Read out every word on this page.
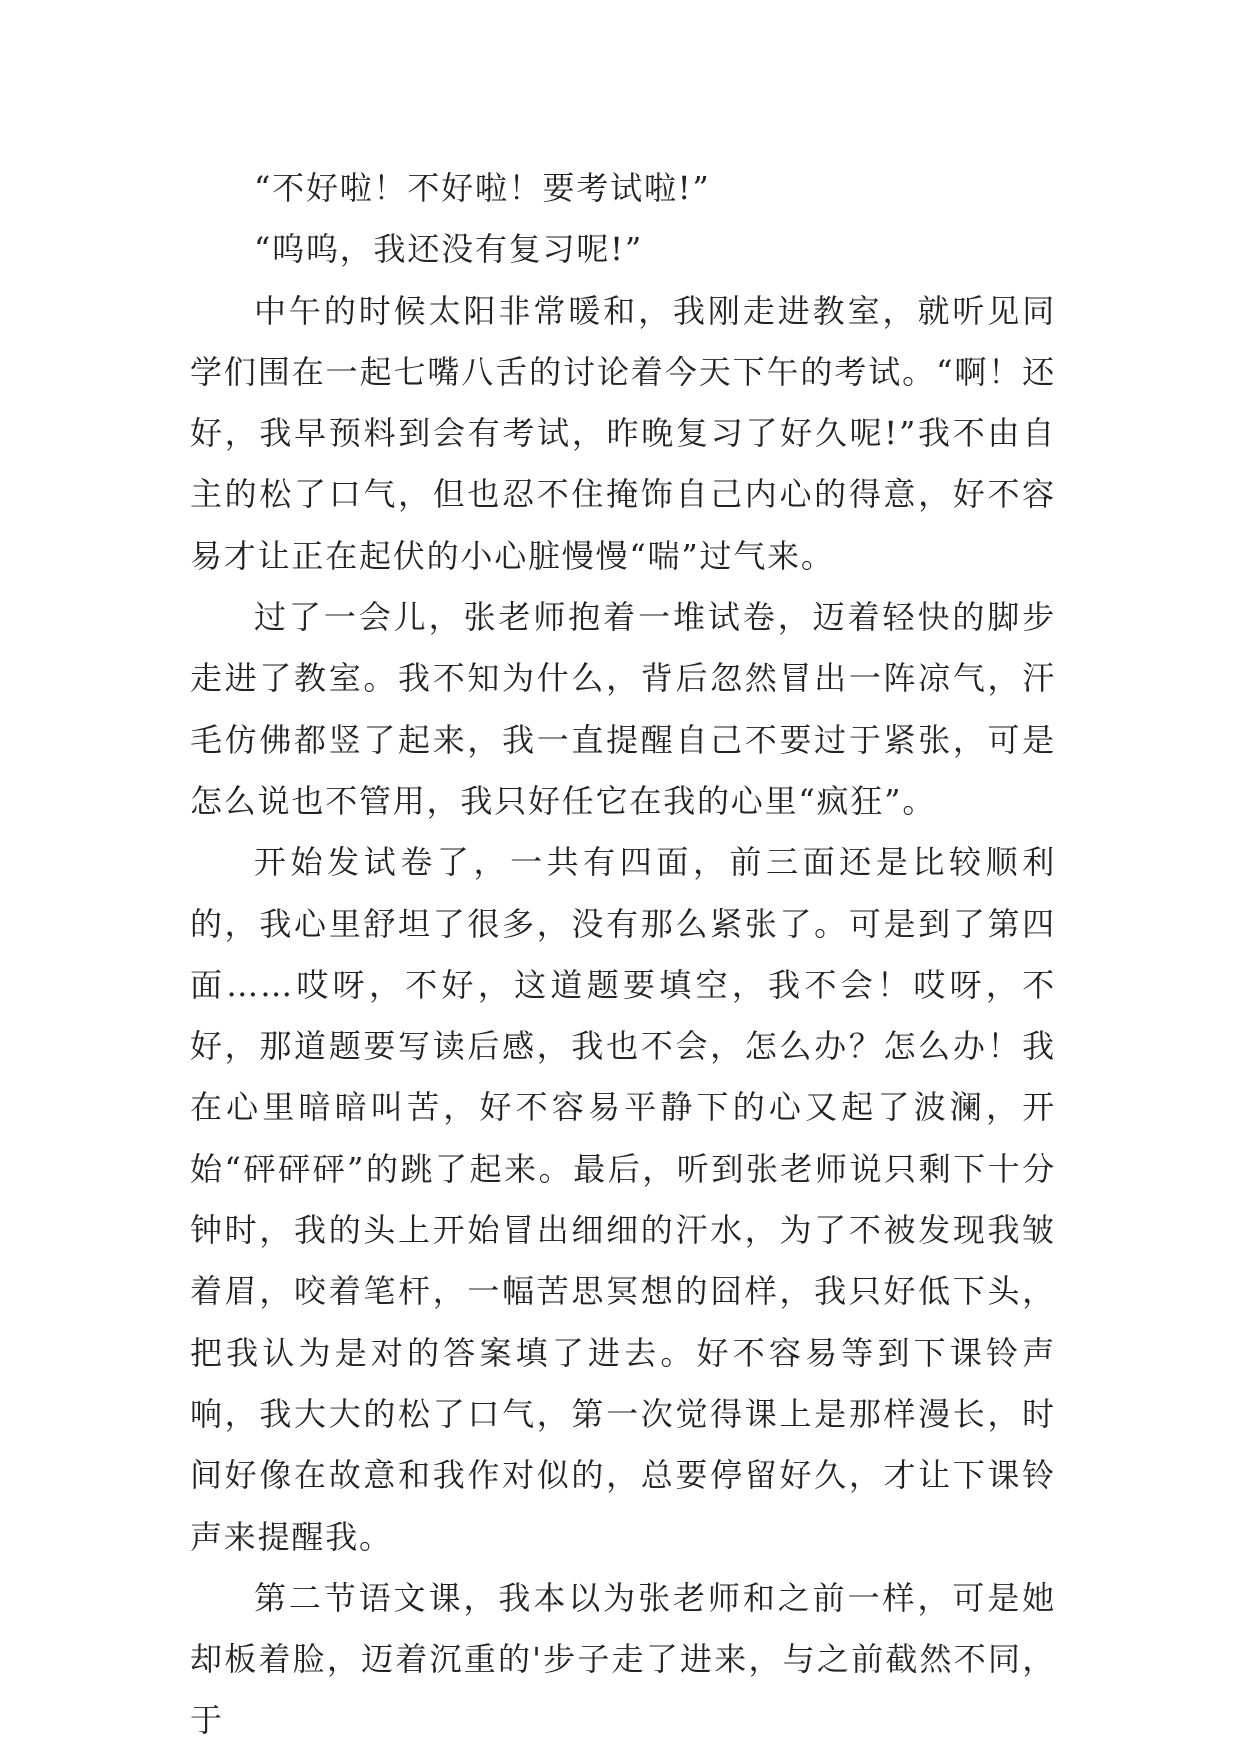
“不好啦！不好啦！要考试啦!”

“呜呜，我还没有复习呢!”

中午的时候太阳非常暖和，我刚走进教室，就听见同学们围在一起七嘴八舌的讨论着今天下午的考试。“啊！还好，我早预料到会有考试，昨晚复习了好久呢!”我不由自主的松了口气，但也忍不住掩饰自己内心的得意，好不容易才让正在起伏的小心脏慢慢“喘”过气来。

过了一会儿，张老师抱着一堆试卷，迈着轻快的脚步走进了教室。我不知为什么，背后忽然冒出一阵凉气，汗毛仿佛都竖了起来，我一直提醒自己不要过于紧张，可是怎么说也不管用，我只好任它在我的心里“疯狂”。

开始发试卷了，一共有四面，前三面还是比较顺利的，我心里舒坦了很多，没有那么紧张了。可是到了第四面……哎呀，不好，这道题要填空，我不会！哎呀，不好，那道题要写读后感，我也不会，怎么办？怎么办！我在心里暗暗叫苦，好不容易平静下的心又起了波澜，开始“砰砰砰”的跳了起来。最后，听到张老师说只剩下十分钟时，我的头上开始冒出细细的汗水，为了不被发现我皱着眉，咬着笔杆，一幅苦思冥想的囧样，我只好低下头，把我认为是对的答案填了进去。好不容易等到下课铃声响，我大大的松了口气，第一次觉得课上是那样漫长，时间好像在故意和我作对似的，总要停留好久，才让下课铃声来提醒我。

第二节语文课，我本以为张老师和之前一样，可是她却板着脸，迈着沉重的'步子走了进来，与之前截然不同，于
